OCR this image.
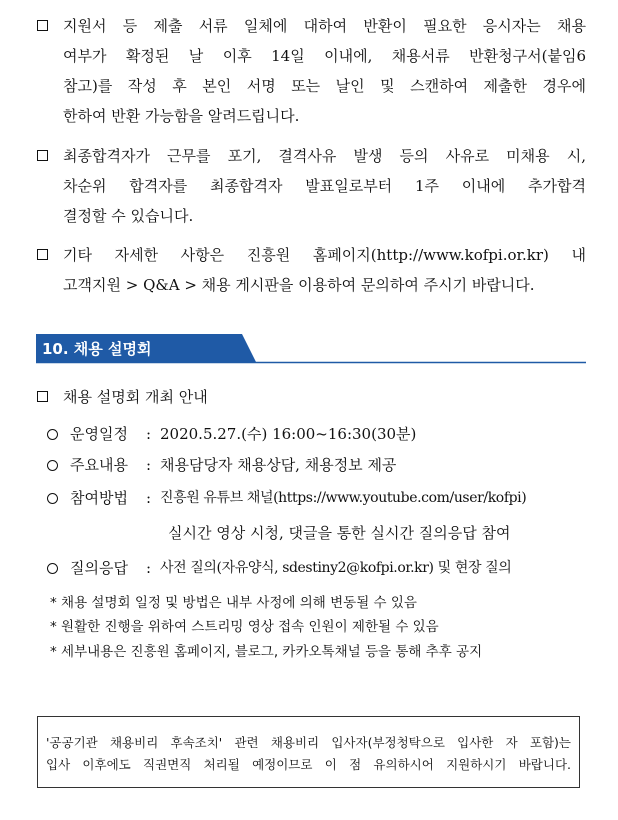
지원서 등 제출 서류 일체에 대하여 반환이 필요한 응시자는 채용
여부가 확정된 날 이후 14일 이내에, 채용서류 반환청구서(붙임6
참고)를 작성 후 본인 서명 또는 날인 및 스캔하여 제출한 경우에
한하여 반환 가능함을 알려드립니다.
최종합격자가 근무를 포기, 결격사유 발생 등의 사유로 미채용 시,
차순위 합격자를 최종합격자 발표일로부터 1주 이내에 추가합격
결정할 수 있습니다.
기타 자세한 사항은 진흥원 홈페이지(http://www.kofpi.or.kr) 내
고객지원 > Q&A > 채용 게시판을 이용하여 문의하여 주시기 바랍니다.
10. 채용 설명회
채용 설명회 개최 안내
운영일정 : 2020.5.27.(수) 16:00~16:30(30분)
주요내용 : 채용담당자 채용상담, 채용정보 제공
참여방법 : 진흥원 유튜브 채널(https://www.youtube.com/user/kofpi)
실시간 영상 시청, 댓글을 통한 실시간 질의응답 참여
질의응답 : 사전 질의(자유양식, sdestiny2@kofpi.or.kr) 및 현장 질의
* 채용 설명회 일정 및 방법은 내부 사정에 의해 변동될 수 있음
* 원활한 진행을 위하여 스트리밍 영상 접속 인원이 제한될 수 있음
* 세부내용은 진흥원 홈페이지, 블로그, 카카오톡채널 등을 통해 추후 공지
'공공기관 채용비리 후속조치' 관련 채용비리 입사자(부정청탁으로 입사한 자 포함)는
입사 이후에도 직권면직 처리될 예정이므로 이 점 유의하시어 지원하시기 바랍니다.
